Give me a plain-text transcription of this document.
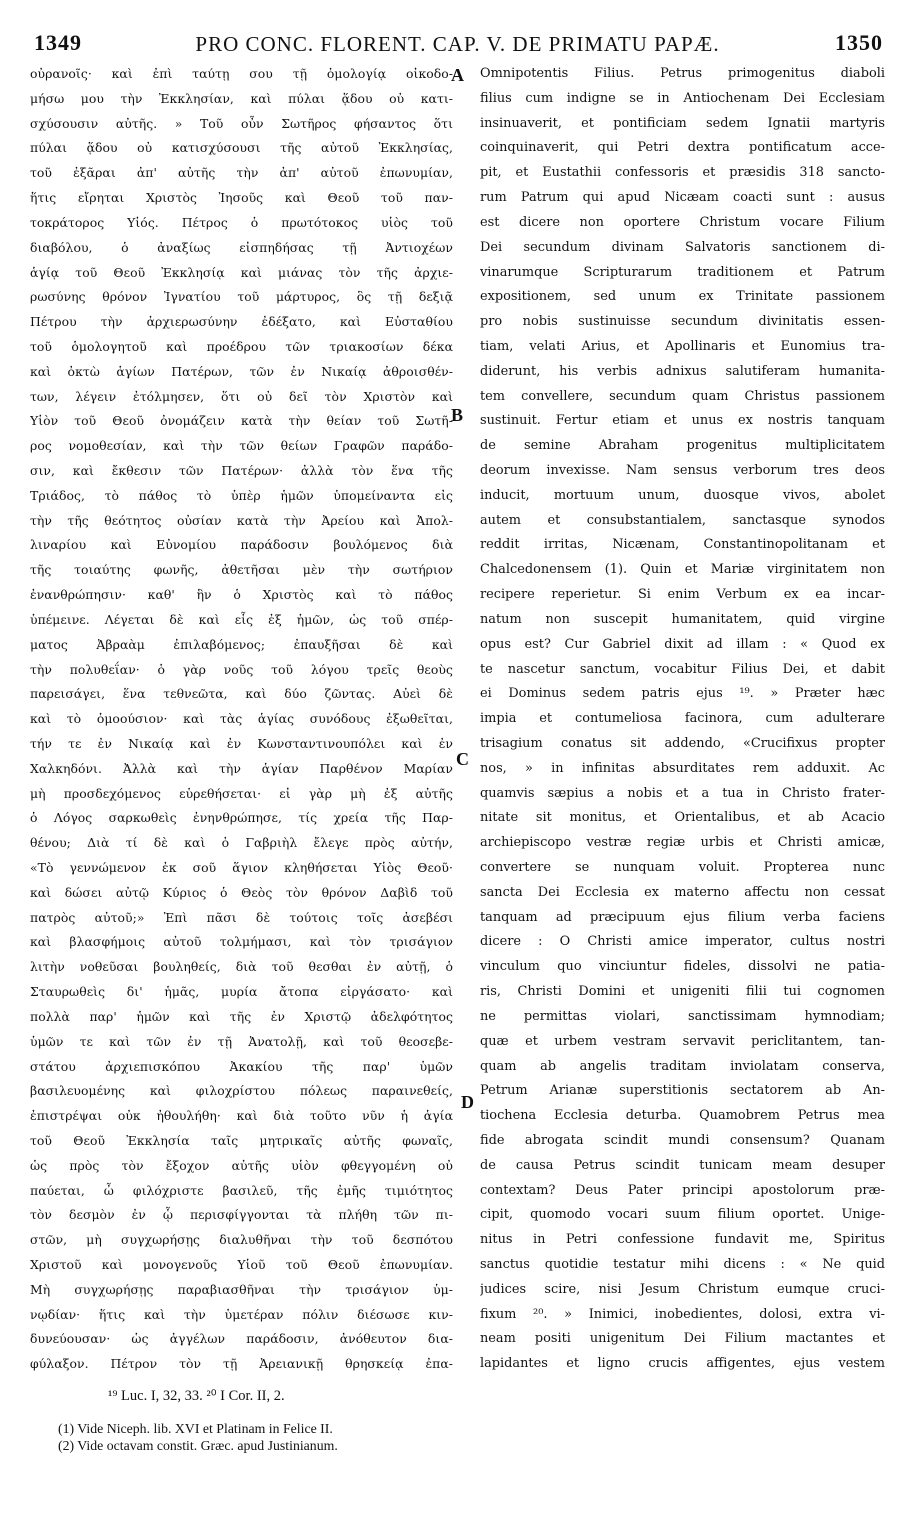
1349	PRO CONC. FLORENT. CAP. V. DE PRIMATU PAPÆ.	1350
οὐρανοῖς· καὶ ἐπὶ ταύτῃ σου τῇ ὁμολογίᾳ οἰκοδο-
μήσω μου τὴν Ἐκκλησίαν, καὶ πύλαι ᾅδου οὐ κατι-
σχύσουσιν αὐτῆς. » Τοῦ οὖν Σωτῆρος φήσαντος ὅτι
πύλαι ᾅδου οὐ κατισχύσουσι τῆς αὐτοῦ Ἐκκλησίας,
τοῦ ἐξᾶραι ἀπ' αὐτῆς τὴν ἀπ' αὐτοῦ ἐπωνυμίαν,
ἥτις εἴρηται Χριστὸς Ἰησοῦς καὶ Θεοῦ τοῦ παν-
τοκράτορος Υἱός. Πέτρος ὁ πρωτότοκος υἱὸς τοῦ
διαβόλου, ὁ ἀναξίως εἰσπηδήσας τῇ Ἀντιοχέων
ἁγίᾳ τοῦ Θεοῦ Ἐκκλησίᾳ καὶ μιάνας τὸν τῆς ἀρχιε-
ρωσύνης θρόνον Ἰγνατίου τοῦ μάρτυρος, ὃς τῇ δεξιᾷ
Πέτρου τὴν ἀρχιερωσύνην ἐδέξατο, καὶ Εὐσταθίου
τοῦ ὁμολογητοῦ καὶ προέδρου τῶν τριακοσίων δέκα
καὶ ὀκτὼ ἁγίων Πατέρων, τῶν ἐν Νικαίᾳ ἀθροισθέν-
των, λέγειν ἐτόλμησεν, ὅτι οὐ δεῖ τὸν Χριστὸν καὶ
Υἱὸν τοῦ Θεοῦ ὀνομάζειν κατὰ τὴν θείαν τοῦ Σωτῆ-
ρος νομοθεσίαν, καὶ τὴν τῶν θείων Γραφῶν παράδο-
σιν, καὶ ἔκθεσιν τῶν Πατέρων· ἀλλὰ τὸν ἕνα τῆς
Τριάδος, τὸ πάθος τὸ ὑπὲρ ἡμῶν ὑπομείναντα εἰς
τὴν τῆς θεότητος οὐσίαν κατὰ τὴν Ἀρείου καὶ Ἀπολ-
λιναρίου καὶ Εὐνομίου παράδοσιν βουλόμενος διὰ
τῆς τοιαύτης φωνῆς, ἀθετῆσαι μὲν τὴν σωτήριον
ἐνανθρώπησιν· καθ' ἣν ὁ Χριστὸς καὶ τὸ πάθος
ὑπέμεινε. Λέγεται δὲ καὶ εἷς ἐξ ἡμῶν, ὡς τοῦ σπέρ-
ματος Ἀβραὰμ ἐπιλαβόμενος; ἐπαυξῆσαι δὲ καὶ
τὴν πολυθεΐαν· ὁ γὰρ νοῦς τοῦ λόγου τρεῖς θεοὺς
παρεισάγει, ἕνα τεθνεῶτα, καὶ δύο ζῶντας. Αὐεὶ δὲ
καὶ τὸ ὁμοούσιον· καὶ τὰς ἁγίας συνόδους ἐξωθεῖται,
τήν τε ἐν Νικαίᾳ καὶ ἐν Κωνσταντινουπόλει καὶ ἐν
Χαλκηδόνι. Ἀλλὰ καὶ τὴν ἁγίαν Παρθένον Μαρίαν
μὴ προσδεχόμενος εὑρεθήσεται· εἰ γὰρ μὴ ἐξ αὐτῆς
ὁ Λόγος σαρκωθεὶς ἐνηνθρώπησε, τίς χρεία τῆς Παρ-
θένου; Διὰ τί δὲ καὶ ὁ Γαβριὴλ ἔλεγε πρὸς αὐτήν,
«Τὸ γεννώμενον ἐκ σοῦ ἅγιον κληθήσεται Υἱὸς Θεοῦ·
καὶ δώσει αὐτῷ Κύριος ὁ Θεὸς τὸν θρόνον Δαβὶδ τοῦ
πατρὸς αὐτοῦ;» Ἐπὶ πᾶσι δὲ τούτοις τοῖς ἀσεβέσι
καὶ βλασφήμοις αὐτοῦ τολμήμασι, καὶ τὸν τρισάγιον
λιτὴν νοθεῦσαι βουληθείς, διὰ τοῦ θεσθαι ἐν αὐτῇ, ὁ
Σταυρωθεὶς δι' ἡμᾶς, μυρία ἄτοπα εἰργάσατο· καὶ
πολλὰ παρ' ἡμῶν καὶ τῆς ἐν Χριστῷ ἀδελφότητος
ὑμῶν τε καὶ τῶν ἐν τῇ Ἀνατολῇ, καὶ τοῦ θεοσεβε-
στάτου ἀρχιεπισκόπου Ἀκακίου τῆς παρ' ὑμῶν
βασιλευομένης καὶ φιλοχρίστου πόλεως παραινεθείς,
ἐπιστρέψαι οὐκ ἠθουλήθη· καὶ διὰ τοῦτο νῦν ἡ ἁγία
τοῦ Θεοῦ Ἐκκλησία ταῖς μητρικαῖς αὐτῆς φωναῖς,
ὡς πρὸς τὸν ἔξοχον αὐτῆς υἱὸν φθεγγομένη οὐ
παύεται, ὦ φιλόχριστε βασιλεῦ, τῆς ἐμῆς τιμιότητος
τὸν δεσμὸν ἐν ᾧ περισφίγγονται τὰ πλήθη τῶν πι-
στῶν, μὴ συγχωρήσῃς διαλυθῆναι τὴν τοῦ δεσπότου
Χριστοῦ καὶ μονογενοῦς Υἱοῦ τοῦ Θεοῦ ἐπωνυμίαν.
Μὴ συγχωρήσῃς παραβιασθῆναι τὴν τρισάγιον ὑμ-
νῳδίαν· ἥτις καὶ τὴν ὑμετέραν πόλιν διέσωσε κιν-
δυνεύουσαν· ὡς ἀγγέλων παράδοσιν, ἀνόθευτον δια-
φύλαξον. Πέτρον τὸν τῇ Ἀρειανικῇ θρησκείᾳ ἐπα-
Omnipotentis Filius. Petrus primogenitus diaboli
filius cum indigne se in Antiochenam Dei Ecclesiam
insinuaverit, et pontificiam sedem Ignatii martyris
coinquinaverit, qui Petri dextra pontificatum acce-
pit, et Eustathii confessoris et præsidis 318 sancto-
rum Patrum qui apud Nicæam coacti sunt : ausus
est dicere non oportere Christum vocare Filium
Dei secundum divinam Salvatoris sanctionem di-
vinarumque Scripturarum traditionem et Patrum
expositionem, sed unum ex Trinitate passionem
pro nobis sustinuisse secundum divinitatis essen-
tiam, velati Arius, et Apollinaris et Eunomius tra-
diderunt, his verbis adnixus salutiferam humanita-
tem convellere, secundum quam Christus passionem
sustinuit. Fertur etiam et unus ex nostris tanquam
de semine Abraham progenitus multiplicitatem
deorum invexisse. Nam sensus verborum tres deos
inducit, mortuum unum, duosque vivos, abolet
autem et consubstantialem, sanctasque synodos
reddit irritas, Nicænam, Constantinopolitanam et
Chalcedonensem (1). Quin et Mariæ virginitatem non
recipere reperietur. Si enim Verbum ex ea incar-
natum non suscepit humanitatem, quid virgine
opus est? Cur Gabriel dixit ad illam : « Quod ex
te nascetur sanctum, vocabitur Filius Dei, et dabit
ei Dominus sedem patris ejus ¹⁹. » Præter hæc
impia et contumeliosa facinora, cum adulterare
trisagium conatus sit addendo, «Crucifixus propter
nos, » in infinitas absurditates rem adduxit. Ac
quamvis sæpius a nobis et a tua in Christo frater-
nitate sit monitus, et Orientalibus, et ab Acacio
archiepiscopo vestræ regiæ urbis et Christi amicæ,
convertere se nunquam voluit. Propterea nunc
sancta Dei Ecclesia ex materno affectu non cessat
tanquam ad præcipuum ejus filium verba faciens
dicere : O Christi amice imperator, cultus nostri
vinculum quo vinciuntur fideles, dissolvi ne patia-
ris, Christi Domini et unigeniti filii tui cognomen
ne permittas violari, sanctissimam hymnodiam;
quæ et urbem vestram servavit periclitantem, tan-
quam ab angelis traditam inviolatam conserva,
Petrum Arianæ superstitionis sectatorem ab An-
tiochena Ecclesia deturba. Quamobrem Petrus mea
fide abrogata scindit mundi consensum? Quanam
de causa Petrus scindit tunicam meam desuper
contextam? Deus Pater principi apostolorum præ-
cipit, quomodo vocari suum filium oportet. Unige-
nitus in Petri confessione fundavit me, Spiritus
sanctus quotidie testatur mihi dicens : « Ne quid
judices scire, nisi Jesum Christum eumque cruci-
fixum ²⁰. » Inimici, inobedientes, dolosi, extra vi-
neam positi unigenitum Dei Filium mactantes et
lapidantes et ligno crucis affigentes, ejus vestem
A
B
C
D
¹⁹ Luc. I, 32, 33. ²⁰ I Cor. II, 2.
(1) Vide Niceph. lib. XVI et Platinam in Felice II.
(2) Vide octavam constit. Græc. apud Justinianum.
